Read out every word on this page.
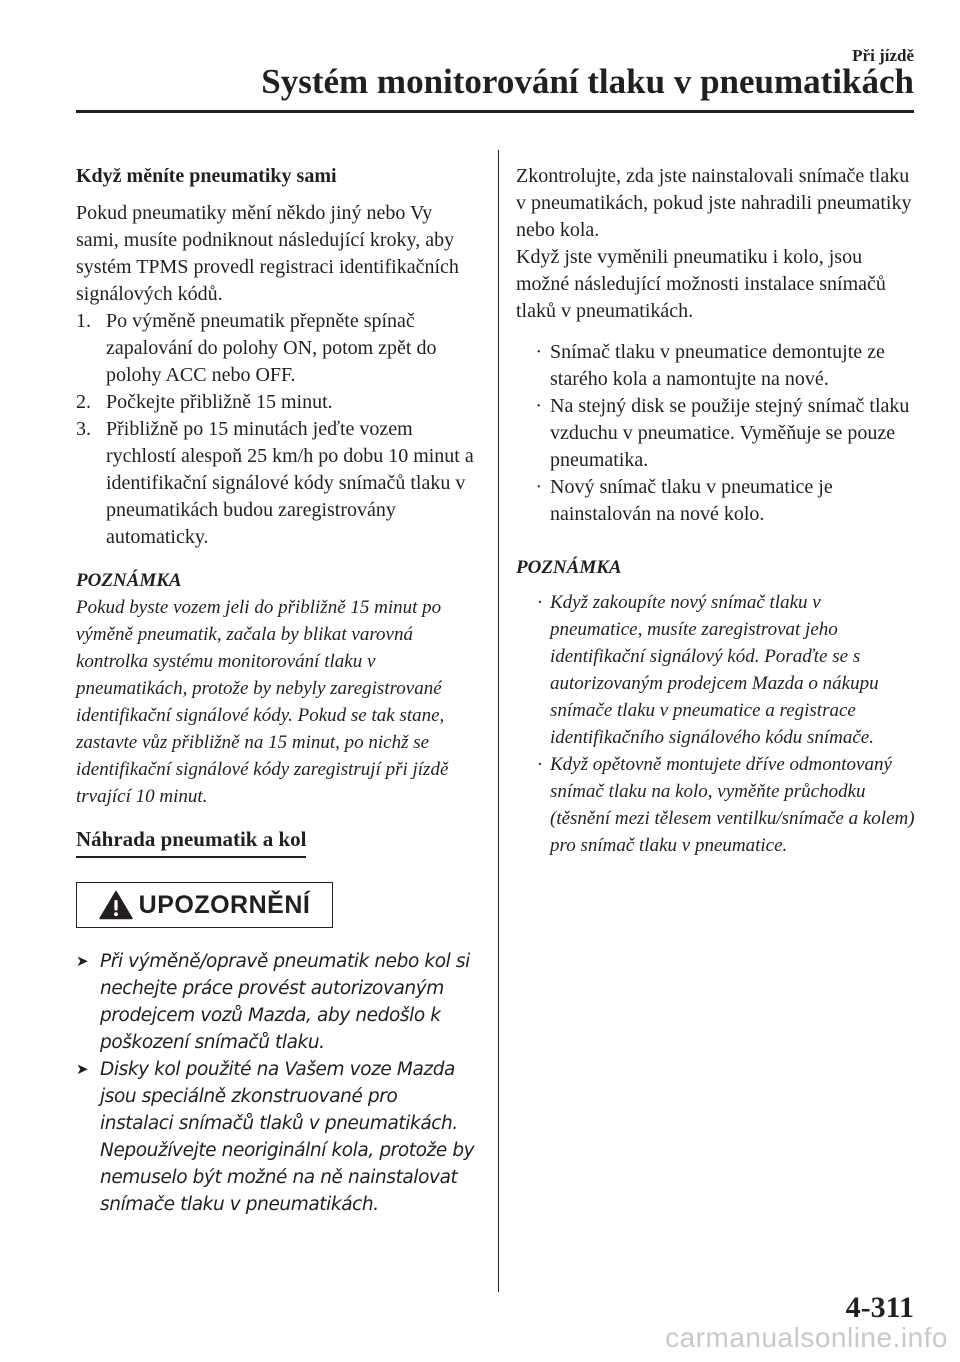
Při jízdě
Systém monitorování tlaku v pneumatikách

Když měníte pneumatiky sami

Pokud pneumatiky mění někdo jiný nebo Vy sami, musíte podniknout následující kroky, aby systém TPMS provedl registraci identifikačních signálových kódů.

1. Po výměně pneumatik přepněte spínač zapalování do polohy ON, potom zpět do polohy ACC nebo OFF.
2. Počkejte přibližně 15 minut.
3. Přibližně po 15 minutách jeďte vozem rychlostí alespoň 25 km/h po dobu 10 minut a identifikační signálové kódy snímačů tlaku v pneumatikách budou zaregistrovány automaticky.

POZNÁMKA

Pokud byste vozem jeli do přibližně 15 minut po výměně pneumatik, začala by blikat varovná kontrolka systému monitorování tlaku v pneumatikách, protože by nebyly zaregistrované identifikační signálové kódy. Pokud se tak stane, zastavte vůz přibližně na 15 minut, po nichž se identifikační signálové kódy zaregistrují při jízdě trvající 10 minut.

Náhrada pneumatik a kol
UPOZORNĚNÍ
➤ Při výměně/opravě pneumatik nebo kol si nechejte práce provést autorizovaným prodejcem vozů Mazda, aby nedošlo k poškození snímačů tlaku.
➤ Disky kol použité na Vašem voze Mazda jsou speciálně zkonstruované pro instalaci snímačů tlaků v pneumatikách. Nepoužívejte neoriginální kola, protože by nemuselo být možné na ně nainstalovat snímače tlaku v pneumatikách.

Zkontrolujte, zda jste nainstalovali snímače tlaku v pneumatikách, pokud jste nahradili pneumatiky nebo kola.

Když jste vyměnili pneumatiku i kolo, jsou možné následující možnosti instalace snímačů tlaků v pneumatikách.

· Snímač tlaku v pneumatice demontujte ze starého kola a namontujte na nové.
· Na stejný disk se použije stejný snímač tlaku vzduchu v pneumatice. Vyměňuje se pouze pneumatika.
· Nový snímač tlaku v pneumatice je nainstalován na nové kolo.

POZNÁMKA

· Když zakoupíte nový snímač tlaku v pneumatice, musíte zaregistrovat jeho identifikační signálový kód. Poraďte se s autorizovaným prodejcem Mazda o nákupu snímače tlaku v pneumatice a registrace identifikačního signálového kódu snímače.
· Když opětovně montujete dříve odmontovaný snímač tlaku na kolo, vyměňte průchodku (těsnění mezi tělesem ventilku/snímače a kolem) pro snímač tlaku v pneumatice.
4-311
carmanualsonline.info
